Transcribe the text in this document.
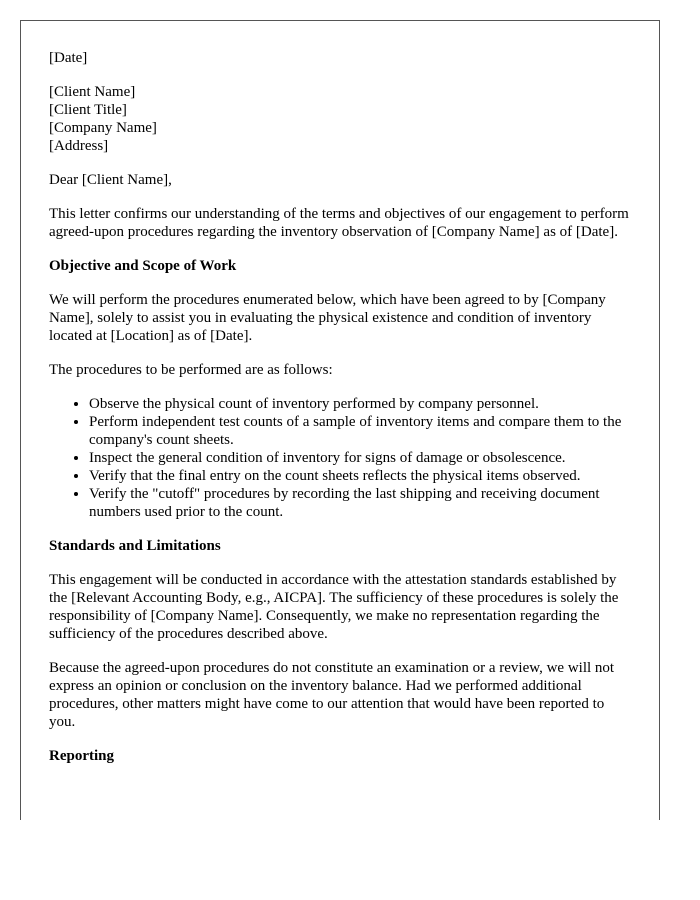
[Date]

[Client Name]
[Client Title]
[Company Name]
[Address]

Dear [Client Name],

This letter confirms our understanding of the terms and objectives of our engagement to perform agreed-upon procedures regarding the inventory observation of [Company Name] as of [Date].

Objective and Scope of Work

We will perform the procedures enumerated below, which have been agreed to by [Company Name], solely to assist you in evaluating the physical existence and condition of inventory located at [Location] as of [Date].

The procedures to be performed are as follows:

• Observe the physical count of inventory performed by company personnel.
• Perform independent test counts of a sample of inventory items and compare them to the company's count sheets.
• Inspect the general condition of inventory for signs of damage or obsolescence.
• Verify that the final entry on the count sheets reflects the physical items observed.
• Verify the "cutoff" procedures by recording the last shipping and receiving document numbers used prior to the count.

Standards and Limitations

This engagement will be conducted in accordance with the attestation standards established by the [Relevant Accounting Body, e.g., AICPA]. The sufficiency of these procedures is solely the responsibility of [Company Name]. Consequently, we make no representation regarding the sufficiency of the procedures described above.

Because the agreed-upon procedures do not constitute an examination or a review, we will not express an opinion or conclusion on the inventory balance. Had we performed additional procedures, other matters might have come to our attention that would have been reported to you.

Reporting
